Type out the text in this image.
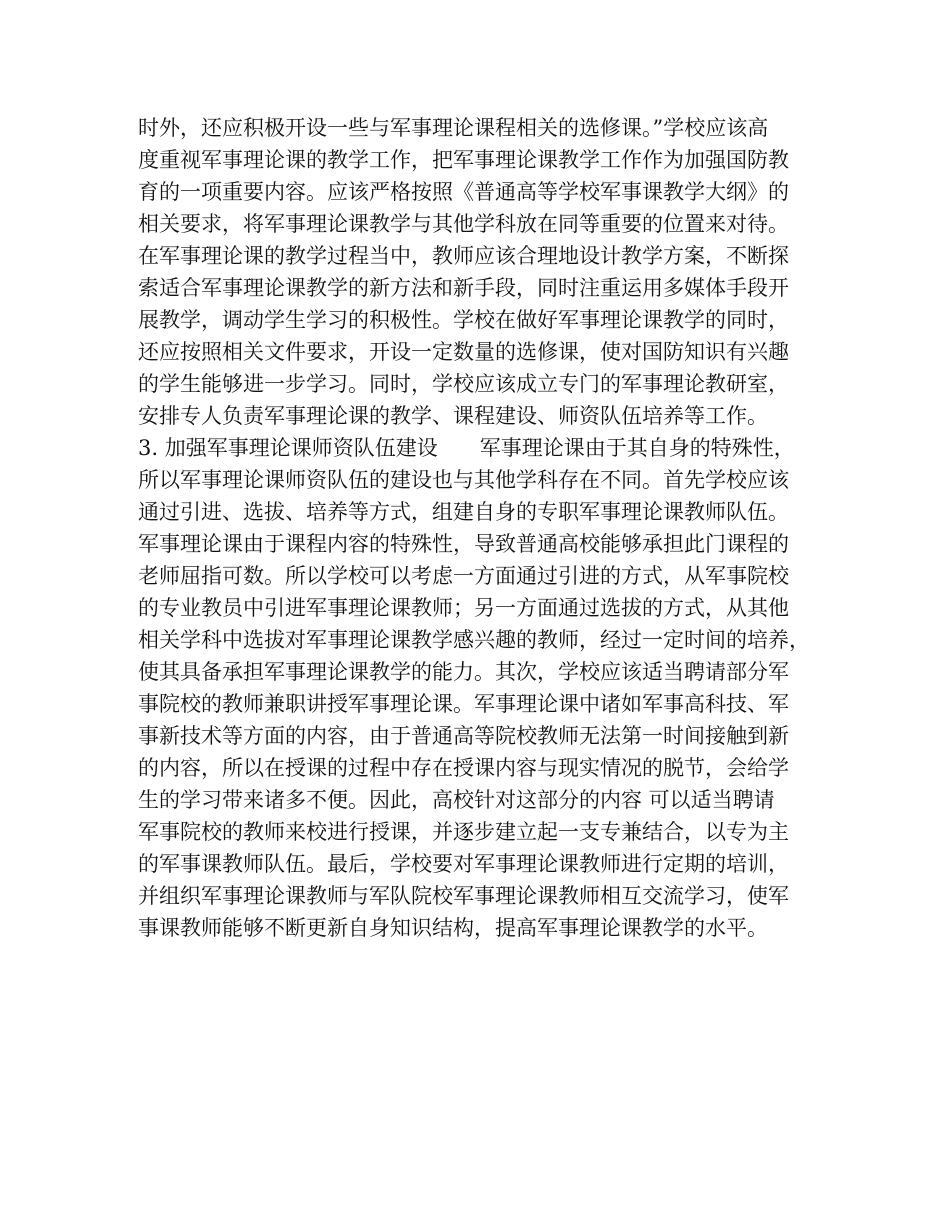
时外，还应积极开设一些与军事理论课程相关的选修课。”学校应该高
度重视军事理论课的教学工作，把军事理论课教学工作作为加强国防教
育的一项重要内容。应该严格按照《普通高等学校军事课教学大纲》的
相关要求，将军事理论课教学与其他学科放在同等重要的位置来对待。
在军事理论课的教学过程当中，教师应该合理地设计教学方案，不断探
索适合军事理论课教学的新方法和新手段，同时注重运用多媒体手段开
展教学，调动学生学习的积极性。学校在做好军事理论课教学的同时，
还应按照相关文件要求，开设一定数量的选修课，使对国防知识有兴趣
的学生能够进一步学习。同时，学校应该成立专门的军事理论教研室，
安排专人负责军事理论课的教学、课程建设、师资队伍培养等工作。
3. 加强军事理论课师资队伍建设　　军事理论课由于其自身的特殊性，
所以军事理论课师资队伍的建设也与其他学科存在不同。首先学校应该
通过引进、选拔、培养等方式，组建自身的专职军事理论课教师队伍。
军事理论课由于课程内容的特殊性，导致普通高校能够承担此门课程的
老师屈指可数。所以学校可以考虑一方面通过引进的方式，从军事院校
的专业教员中引进军事理论课教师；另一方面通过选拔的方式，从其他
相关学科中选拔对军事理论课教学感兴趣的教师，经过一定时间的培养，
使其具备承担军事理论课教学的能力。其次，学校应该适当聘请部分军
事院校的教师兼职讲授军事理论课。军事理论课中诸如军事高科技、军
事新技术等方面的内容，由于普通高等院校教师无法第一时间接触到新
的内容，所以在授课的过程中存在授课内容与现实情况的脱节，会给学
生的学习带来诸多不便。因此，高校针对这部分的内容 可以适当聘请
军事院校的教师来校进行授课，并逐步建立起一支专兼结合，以专为主
的军事课教师队伍。最后，学校要对军事理论课教师进行定期的培训，
并组织军事理论课教师与军队院校军事理论课教师相互交流学习，使军
事课教师能够不断更新自身知识结构，提高军事理论课教学的水平。
